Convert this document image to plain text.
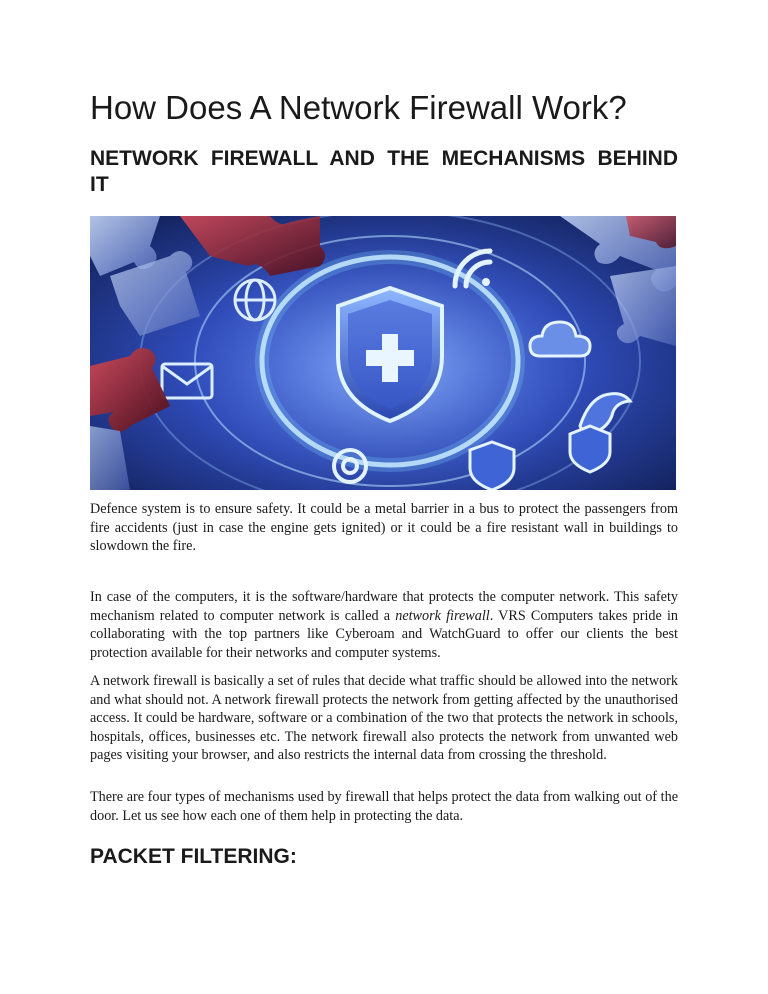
How Does A Network Firewall Work?
NETWORK FIREWALL AND THE MECHANISMS BEHIND IT

Defence system is to ensure safety. It could be a metal barrier in a bus to protect the passengers from fire accidents (just in case the engine gets ignited) or it could be a fire resistant wall in buildings to slowdown the fire.

In case of the computers, it is the software/hardware that protects the computer network. This safety mechanism related to computer network is called a network firewall. VRS Computers takes pride in collaborating with the top partners like Cyberoam and WatchGuard to offer our clients the best protection available for their networks and computer systems.

A network firewall is basically a set of rules that decide what traffic should be allowed into the network and what should not. A network firewall protects the network from getting affected by the unauthorised access. It could be hardware, software or a combination of the two that protects the network in schools, hospitals, offices, businesses etc. The network firewall also protects the network from unwanted web pages visiting your browser, and also restricts the internal data from crossing the threshold.

There are four types of mechanisms used by firewall that helps protect the data from walking out of the door. Let us see how each one of them help in protecting the data.

PACKET FILTERING:
